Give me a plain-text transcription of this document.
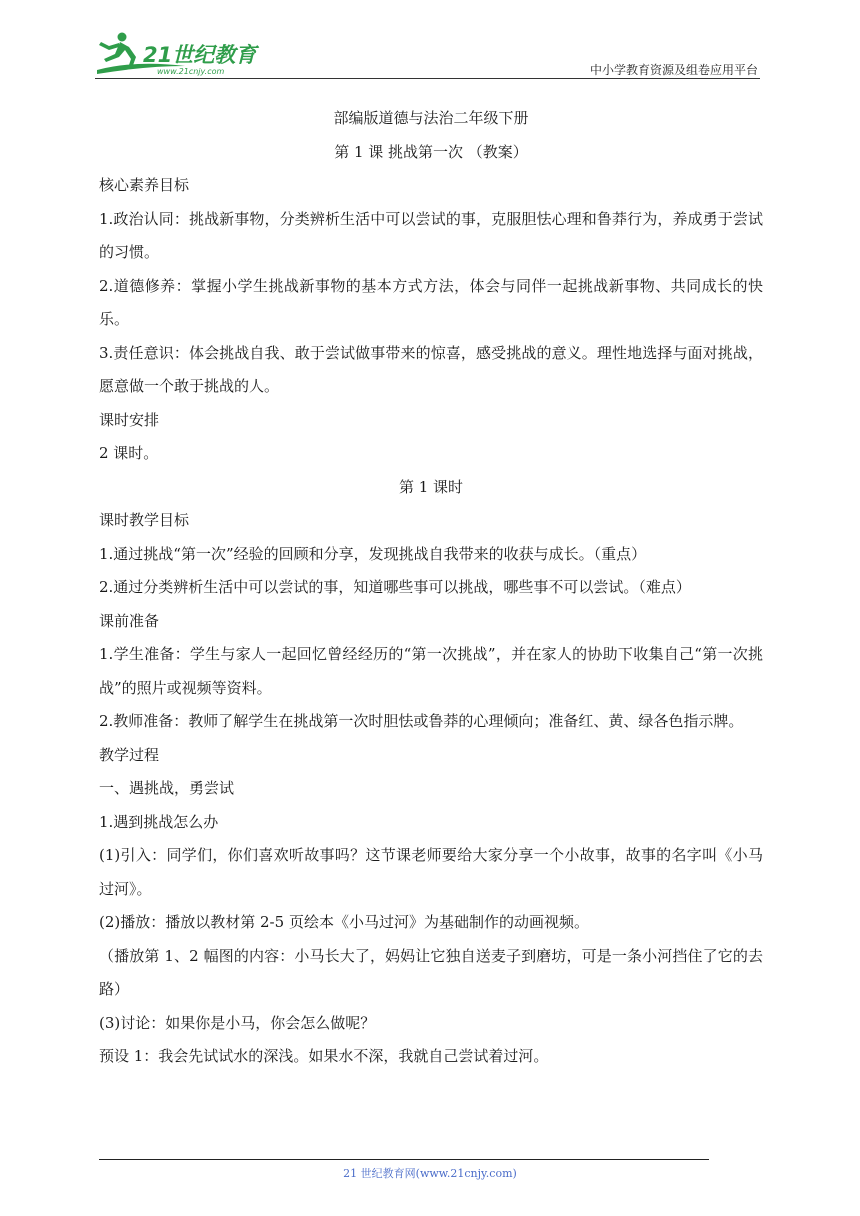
21世纪教育
www.21cnjy.com	中小学教育资源及组卷应用平台
部编版道德与法治二年级下册
第 1 课 挑战第一次 （教案）
核心素养目标
1.政治认同：挑战新事物，分类辨析生活中可以尝试的事，克服胆怯心理和鲁莽行为，养成勇于尝试的习惯。
2.道德修养：掌握小学生挑战新事物的基本方式方法，体会与同伴一起挑战新事物、共同成长的快乐。
3.责任意识：体会挑战自我、敢于尝试做事带来的惊喜，感受挑战的意义。理性地选择与面对挑战，愿意做一个敢于挑战的人。
课时安排
2 课时。
第 1 课时
课时教学目标
1.通过挑战“第一次”经验的回顾和分享，发现挑战自我带来的收获与成长。（重点）
2.通过分类辨析生活中可以尝试的事，知道哪些事可以挑战，哪些事不可以尝试。（难点）
课前准备
1.学生准备：学生与家人一起回忆曾经经历的“第一次挑战”，并在家人的协助下收集自己“第一次挑战”的照片或视频等资料。
2.教师准备：教师了解学生在挑战第一次时胆怯或鲁莽的心理倾向；准备红、黄、绿各色指示牌。
教学过程
一、遇挑战，勇尝试
1.遇到挑战怎么办
(1)引入：同学们，你们喜欢听故事吗？这节课老师要给大家分享一个小故事，故事的名字叫《小马过河》。
(2)播放：播放以教材第 2-5 页绘本《小马过河》为基础制作的动画视频。
（播放第 1、2 幅图的内容：小马长大了，妈妈让它独自送麦子到磨坊，可是一条小河挡住了它的去路）
(3)讨论：如果你是小马，你会怎么做呢？
预设 1：我会先试试水的深浅。如果水不深，我就自己尝试着过河。
21 世纪教育网(www.21cnjy.com)
